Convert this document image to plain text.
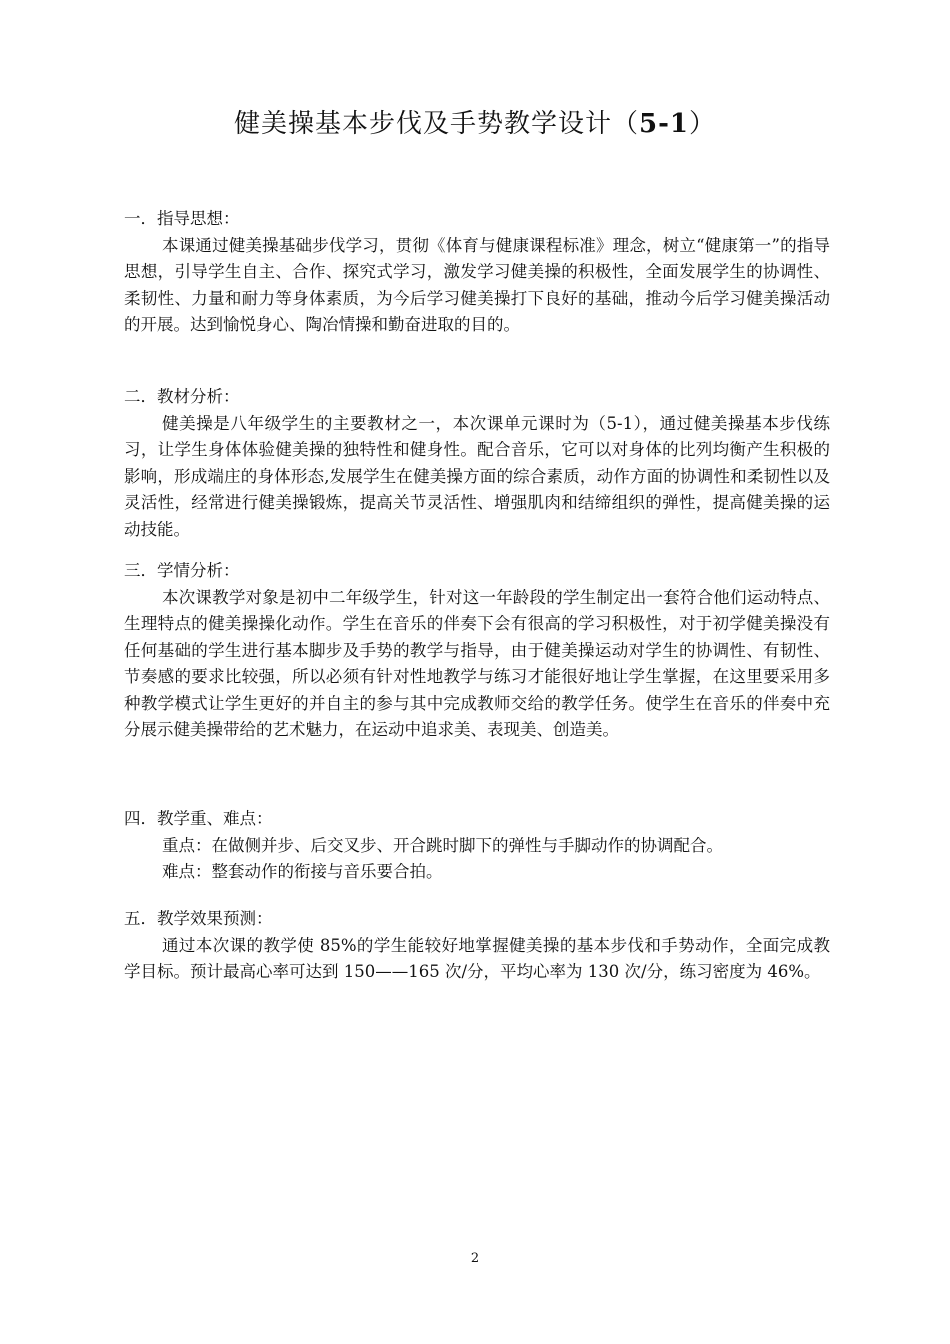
健美操基本步伐及手势教学设计（5-1）

一．指导思想：

本课通过健美操基础步伐学习，贯彻《体育与健康课程标准》理念，树立“健康第一”的指导思想，引导学生自主、合作、探究式学习，激发学习健美操的积极性，全面发展学生的协调性、柔韧性、力量和耐力等身体素质，为今后学习健美操打下良好的基础，推动今后学习健美操活动的开展。达到愉悦身心、陶冶情操和勤奋进取的目的。

二．教材分析：

健美操是八年级学生的主要教材之一，本次课单元课时为（5-1），通过健美操基本步伐练习，让学生身体体验健美操的独特性和健身性。配合音乐，它可以对身体的比列均衡产生积极的影响，形成端庄的身体形态,发展学生在健美操方面的综合素质，动作方面的协调性和柔韧性以及灵活性，经常进行健美操锻炼，提高关节灵活性、增强肌肉和结缔组织的弹性，提高健美操的运动技能。

三．学情分析：

本次课教学对象是初中二年级学生，针对这一年龄段的学生制定出一套符合他们运动特点、生理特点的健美操操化动作。学生在音乐的伴奏下会有很高的学习积极性，对于初学健美操没有任何基础的学生进行基本脚步及手势的教学与指导，由于健美操运动对学生的协调性、有韧性、节奏感的要求比较强，所以必须有针对性地教学与练习才能很好地让学生掌握，在这里要采用多种教学模式让学生更好的并自主的参与其中完成教师交给的教学任务。使学生在音乐的伴奏中充分展示健美操带给的艺术魅力，在运动中追求美、表现美、创造美。

四．教学重、难点：

重点：在做侧并步、后交叉步、开合跳时脚下的弹性与手脚动作的协调配合。

难点：整套动作的衔接与音乐要合拍。

五．教学效果预测：

通过本次课的教学使 85%的学生能较好地掌握健美操的基本步伐和手势动作，全面完成教学目标。预计最高心率可达到 150——165 次/分，平均心率为 130 次/分，练习密度为 46%。

2
